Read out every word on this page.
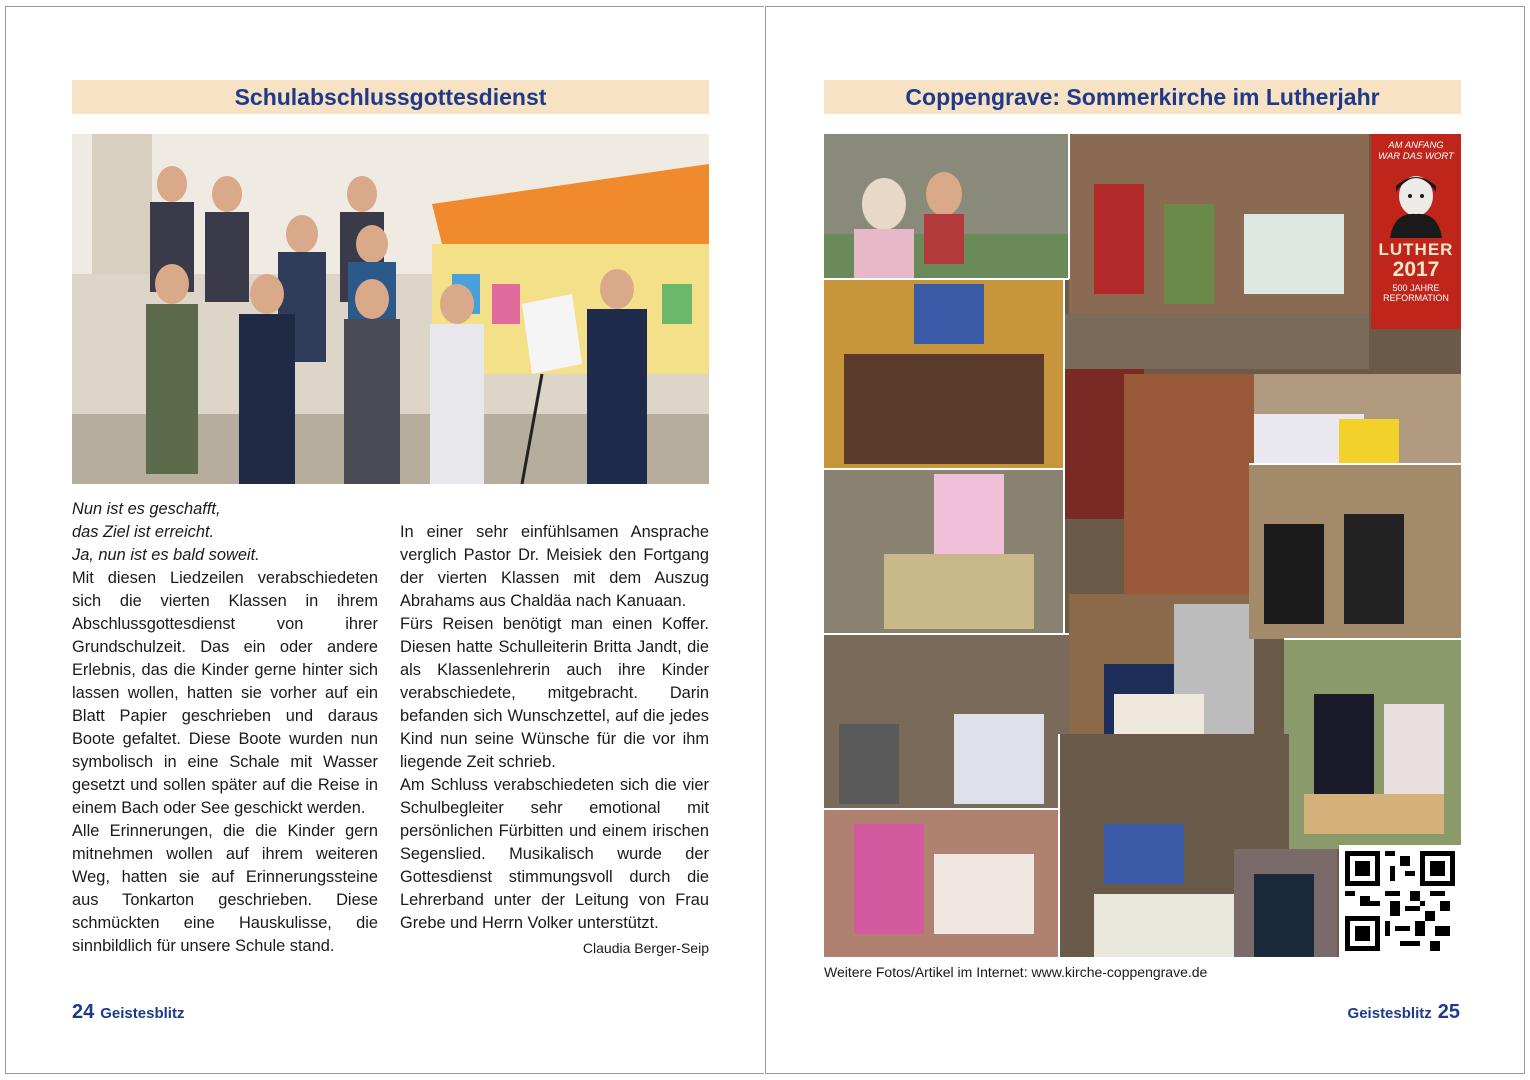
Schulabschlussgottesdienst

Nun ist es geschafft,

das Ziel ist erreicht.

Ja, nun ist es bald soweit.

Mit diesen Liedzeilen verabschiedeten sich die vierten Klassen in ihrem Abschlussgottesdienst von ihrer Grundschulzeit. Das ein oder andere Erlebnis, das die Kinder gerne hinter sich lassen wollen, hatten sie vorher auf ein Blatt Papier geschrieben und daraus Boote gefaltet. Diese Boote wurden nun symbolisch in eine Schale mit Wasser gesetzt und sollen später auf die Reise in einem Bach oder See geschickt werden.

Alle Erinnerungen, die die Kinder gern mitnehmen wollen auf ihrem weiteren Weg, hatten sie auf Erinnerungssteine aus Tonkarton geschrieben. Diese schmückten eine Hauskulisse, die sinnbildlich für unsere Schule stand.

In einer sehr einfühlsamen Ansprache verglich Pastor Dr. Meisiek den Fortgang der vierten Klassen mit dem Auszug Abrahams aus Chaldäa nach Kanuaan.

Fürs Reisen benötigt man einen Koffer. Diesen hatte Schulleiterin Britta Jandt, die als Klassenlehrerin auch ihre Kinder verabschiedete, mitgebracht. Darin befanden sich Wunschzettel, auf die jedes Kind nun seine Wünsche für die vor ihm liegende Zeit schrieb.

Am Schluss verabschiedeten sich die vier Schulbegleiter sehr emotional mit persönlichen Fürbitten und einem irischen Segenslied. Musikalisch wurde der Gottesdienst stimmungsvoll durch die Lehrerband unter der Leitung von Frau Grebe und Herrn Volker unterstützt.

Claudia Berger-Seip
24 Geistesblitz
Coppengrave: Sommerkirche im Lutherjahr
AM ANFANG
WAR DAS WORT
LUTHER
2017
500 JAHRE
REFORMATION
Weitere Fotos/Artikel im Internet: www.kirche-coppengrave.de
Geistesblitz 25
